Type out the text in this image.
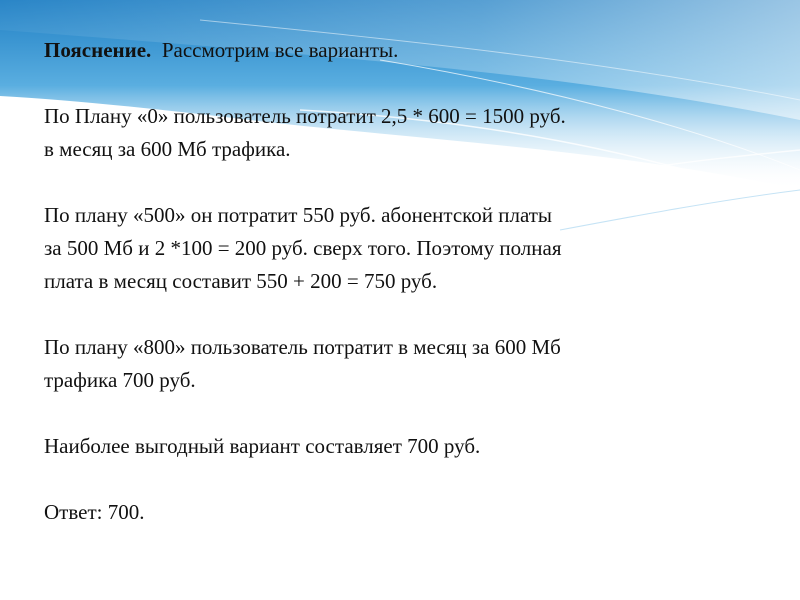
Пояснение. Рассмотрим все варианты.

По Плану «0» пользователь потратит 2,5 * 600 = 1500 руб.
в месяц за 600 Мб трафика.

По плану «500» он потратит 550 руб. абонентской платы
за 500 Мб и 2 *100 = 200 руб. сверх того. Поэтому полная
плата в месяц составит 550 + 200 = 750 руб.

По плану «800» пользователь потратит в месяц за 600 Мб
трафика 700 руб.

Наиболее выгодный вариант составляет 700 руб.

Ответ: 700.
